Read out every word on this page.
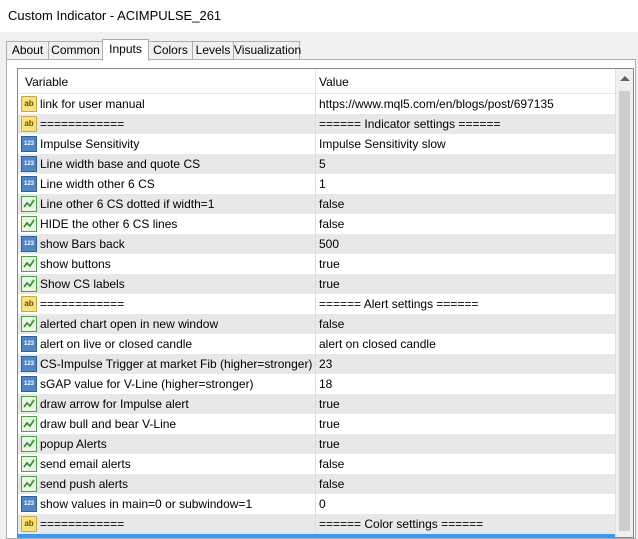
Custom Indicator - ACIMPULSE_261
About Common Inputs Colors Levels Visualization
Variable	Value
ab link for user manual	https://www.mql5.com/en/blogs/post/697135
ab ============	====== Indicator settings ======
123 Impulse Sensitivity	Impulse Sensitivity slow
123 Line width base and quote CS	5
123 Line width other 6 CS	1
Line other 6 CS dotted if width=1	false
HIDE the other 6 CS lines	false
123 show Bars back	500
show buttons	true
Show CS labels	true
ab ============	====== Alert settings ======
alerted chart open in new window	false
123 alert on live or closed candle	alert on closed candle
123 CS-Impulse Trigger at market Fib (higher=stronger) 23
123 sGAP value for V-Line (higher=stronger)	18
draw arrow for Impulse alert	true
draw bull and bear V-Line	true
popup Alerts	true
send email alerts	false
send push alerts	false
123 show values in main=0 or subwindow=1	0
ab ============	====== Color settings ======
